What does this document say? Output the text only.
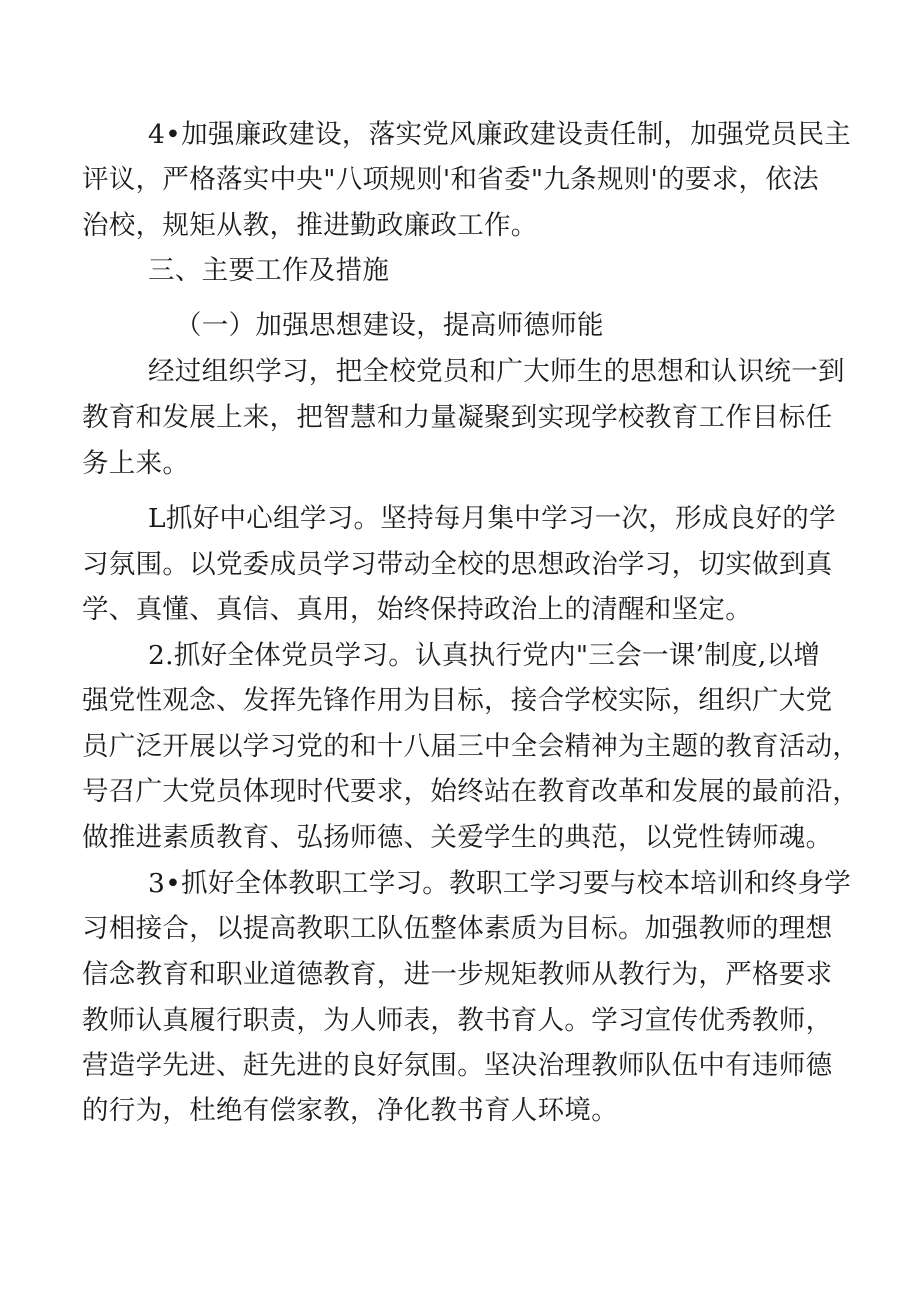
4•加强廉政建设，落实党风廉政建设责任制，加强党员民主
评议，严格落实中央"八项规则'和省委"九条规则'的要求，依法
治校，规矩从教，推进勤政廉政工作。
三、主要工作及措施
（一）加强思想建设，提高师德师能
经过组织学习，把全校党员和广大师生的思想和认识统一到
教育和发展上来，把智慧和力量凝聚到实现学校教育工作目标任
务上来。
L抓好中心组学习。坚持每月集中学习一次，形成良好的学
习氛围。以党委成员学习带动全校的思想政治学习，切实做到真
学、真懂、真信、真用，始终保持政治上的清醒和坚定。
2.抓好全体党员学习。认真执行党内"三会一课’制度,以增
强党性观念、发挥先锋作用为目标，接合学校实际，组织广大党
员广泛开展以学习党的和十八届三中全会精神为主题的教育活动，
号召广大党员体现时代要求，始终站在教育改革和发展的最前沿，
做推进素质教育、弘扬师德、关爱学生的典范，以党性铸师魂。
3•抓好全体教职工学习。教职工学习要与校本培训和终身学
习相接合，以提高教职工队伍整体素质为目标。加强教师的理想
信念教育和职业道德教育，进一步规矩教师从教行为，严格要求
教师认真履行职责，为人师表，教书育人。学习宣传优秀教师，
营造学先进、赶先进的良好氛围。坚决治理教师队伍中有违师德
的行为，杜绝有偿家教，净化教书育人环境。
